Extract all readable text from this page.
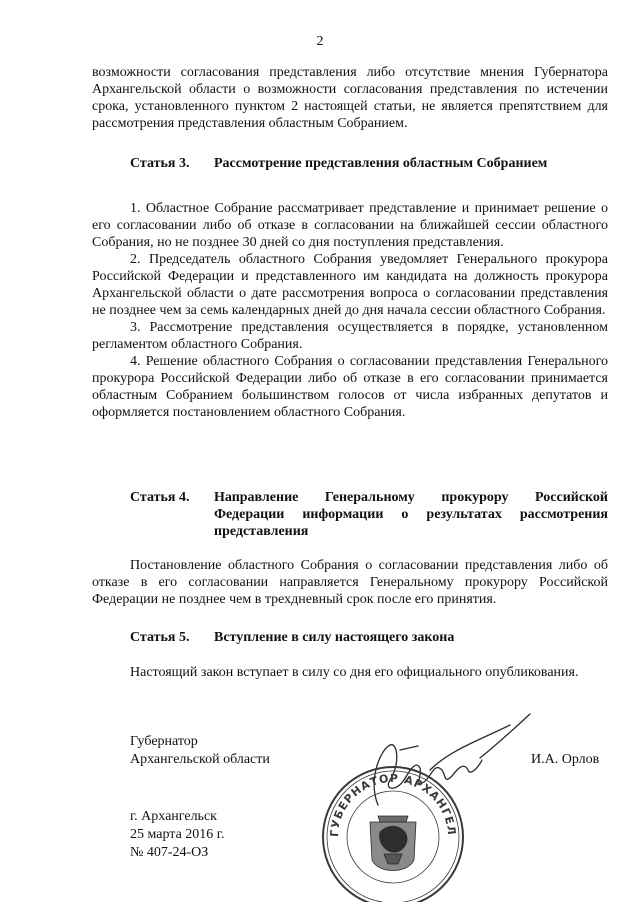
2

возможности согласования представления либо отсутствие мнения Губернатора Архангельской области о возможности согласования представления по истечении срока, установленного пунктом 2 настоящей статьи, не является препятствием для рассмотрения представления областным Собранием.

Статья 3.	Рассмотрение представления областным Собранием

1. Областное Собрание рассматривает представление и принимает решение о его согласовании либо об отказе в согласовании на ближайшей сессии областного Собрания, но не позднее 30 дней со дня поступления представления.

2. Председатель областного Собрания уведомляет Генерального прокурора Российской Федерации и представленного им кандидата на должность прокурора Архангельской области о дате рассмотрения вопроса о согласовании представления не позднее чем за семь календарных дней до дня начала сессии областного Собрания.

3. Рассмотрение представления осуществляется в порядке, установленном регламентом областного Собрания.

4. Решение областного Собрания о согласовании представления Генерального прокурора Российской Федерации либо об отказе в его согласовании принимается областным Собранием большинством голосов от числа избранных депутатов и оформляется постановлением областного Собрания.

Статья 4.	Направление Генеральному прокурору Российской Федерации информации о результатах рассмотрения представления

Постановление областного Собрания о согласовании представления либо об отказе в его согласовании направляется Генеральному прокурору Российской Федерации не позднее чем в трехдневный срок после его принятия.

Статья 5.	Вступление в силу настоящего закона

Настоящий закон вступает в силу со дня его официального опубликования.

Губернатор
Архангельской области	И.А. Орлов
ГУБЕРНАТОР АРХАНГЕЛ
г. Архангельск
25 марта 2016 г.
№ 407-24-ОЗ
